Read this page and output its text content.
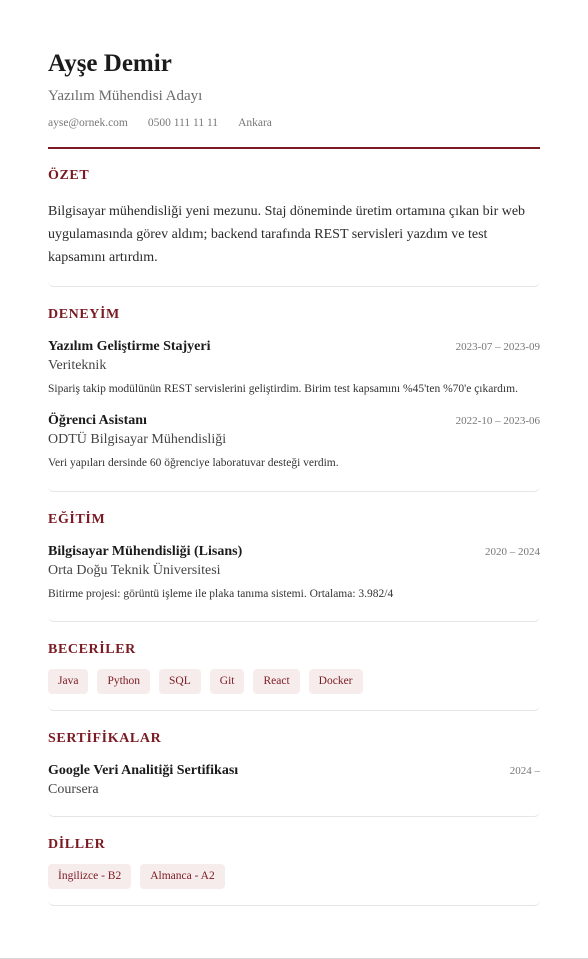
Ayşe Demir
Yazılım Mühendisi Adayı
ayse@ornek.com 0500 111 11 11 Ankara
ÖZET

Bilgisayar mühendisliği yeni mezunu. Staj döneminde üretim ortamına çıkan bir web uygulamasında görev aldım; backend tarafında REST servisleri yazdım ve test kapsamını artırdım.

DENEYİM
Yazılım Geliştirme Stajyeri	2023-07 – 2023-09
Veriteknik
Sipariş takip modülünün REST servislerini geliştirdim. Birim test kapsamını %45'ten %70'e çıkardım.
Öğrenci Asistanı	2022-10 – 2023-06
ODTÜ Bilgisayar Mühendisliği
Veri yapıları dersinde 60 öğrenciye laboratuvar desteği verdim.
EĞİTİM
Bilgisayar Mühendisliği (Lisans)	2020 – 2024
Orta Doğu Teknik Üniversitesi
Bitirme projesi: görüntü işleme ile plaka tanıma sistemi. Ortalama: 3.982/4
BECERİLER
Java	Python	SQL	Git	React	Docker
SERTİFİKALAR
Google Veri Analitiği Sertifikası	2024 –
Coursera
DİLLER
İngilizce - B2	Almanca - A2
